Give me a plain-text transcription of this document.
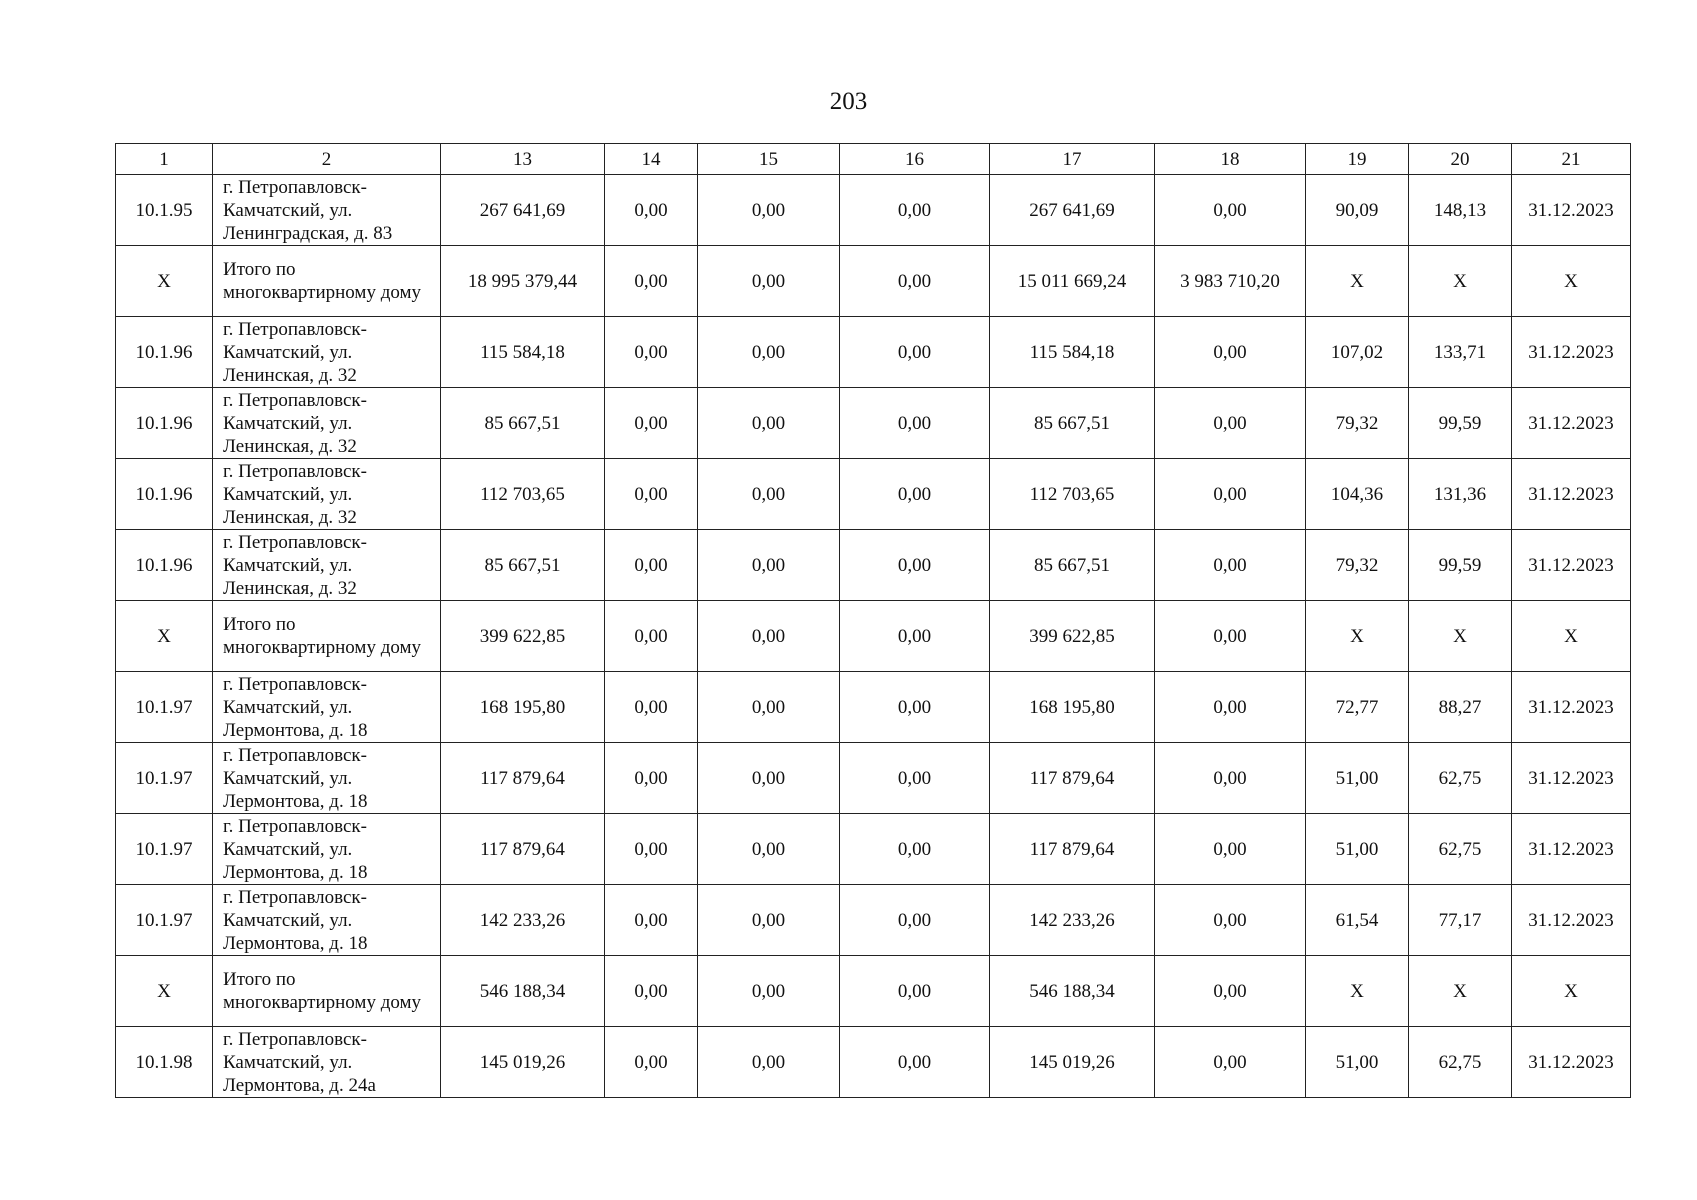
203
1	2	13	14	15	16	17	18	19	20	21
10.1.95	г. Петропавловск-Камчатский, ул. Ленинградская, д. 83	267 641,69	0,00	0,00	0,00	267 641,69	0,00	90,09	148,13	31.12.2023
X	Итого по многоквартирному дому	18 995 379,44	0,00	0,00	0,00	15 011 669,24	3 983 710,20	X	X	X
10.1.96	г. Петропавловск-Камчатский, ул. Ленинская, д. 32	115 584,18	0,00	0,00	0,00	115 584,18	0,00	107,02	133,71	31.12.2023
10.1.96	г. Петропавловск-Камчатский, ул. Ленинская, д. 32	85 667,51	0,00	0,00	0,00	85 667,51	0,00	79,32	99,59	31.12.2023
10.1.96	г. Петропавловск-Камчатский, ул. Ленинская, д. 32	112 703,65	0,00	0,00	0,00	112 703,65	0,00	104,36	131,36	31.12.2023
10.1.96	г. Петропавловск-Камчатский, ул. Ленинская, д. 32	85 667,51	0,00	0,00	0,00	85 667,51	0,00	79,32	99,59	31.12.2023
X	Итого по многоквартирному дому	399 622,85	0,00	0,00	0,00	399 622,85	0,00	X	X	X
10.1.97	г. Петропавловск-Камчатский, ул. Лермонтова, д. 18	168 195,80	0,00	0,00	0,00	168 195,80	0,00	72,77	88,27	31.12.2023
10.1.97	г. Петропавловск-Камчатский, ул. Лермонтова, д. 18	117 879,64	0,00	0,00	0,00	117 879,64	0,00	51,00	62,75	31.12.2023
10.1.97	г. Петропавловск-Камчатский, ул. Лермонтова, д. 18	117 879,64	0,00	0,00	0,00	117 879,64	0,00	51,00	62,75	31.12.2023
10.1.97	г. Петропавловск-Камчатский, ул. Лермонтова, д. 18	142 233,26	0,00	0,00	0,00	142 233,26	0,00	61,54	77,17	31.12.2023
X	Итого по многоквартирному дому	546 188,34	0,00	0,00	0,00	546 188,34	0,00	X	X	X
10.1.98	г. Петропавловск-Камчатский, ул. Лермонтова, д. 24а	145 019,26	0,00	0,00	0,00	145 019,26	0,00	51,00	62,75	31.12.2023
